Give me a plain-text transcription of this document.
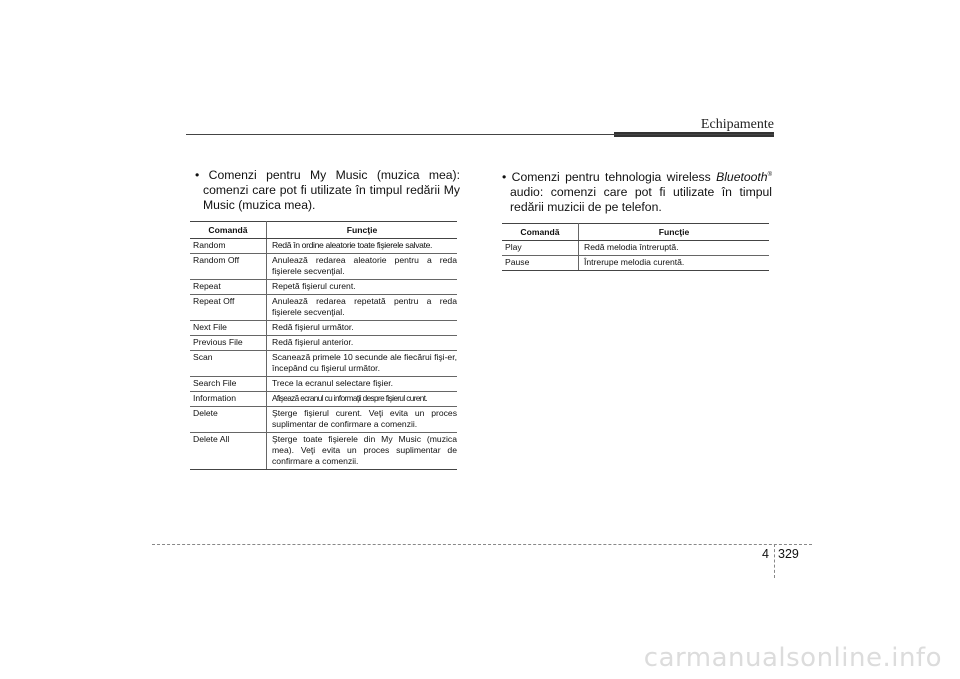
Echipamente

• Comenzi pentru My Music (muzica mea): comenzi care pot fi utilizate în timpul redării My Music (muzica mea).

Comandă	Funcţie
Random	Redă în ordine aleatorie toate fişierele salvate.
Random Off	Anulează redarea aleatorie pentru a reda fişierele secvenţial.
Repeat	Repetă fişierul curent.
Repeat Off	Anulează redarea repetată pentru a reda fişierele secvenţial.
Next File	Redă fişierul următor.
Previous File	Redă fişierul anterior.
Scan	Scanează primele 10 secunde ale fiecărui fişi-er, începând cu fişierul următor.
Search File	Trece la ecranul selectare fişier.
Information	Afişează ecranul cu informaţii despre fişierul curent.
Delete	Şterge fişierul curent. Veţi evita un proces suplimentar de confirmare a comenzii.
Delete All	Şterge toate fişierele din My Music (muzica mea). Veţi evita un proces suplimentar de confirmare a comenzii.

• Comenzi pentru tehnologia wireless Bluetooth® audio: comenzi care pot fi utilizate în timpul redării muzicii de pe telefon.

Comandă	Funcţie
Play	Redă melodia întreruptă.
Pause	Întrerupe melodia curentă.
4 329
carmanualsonline.info
